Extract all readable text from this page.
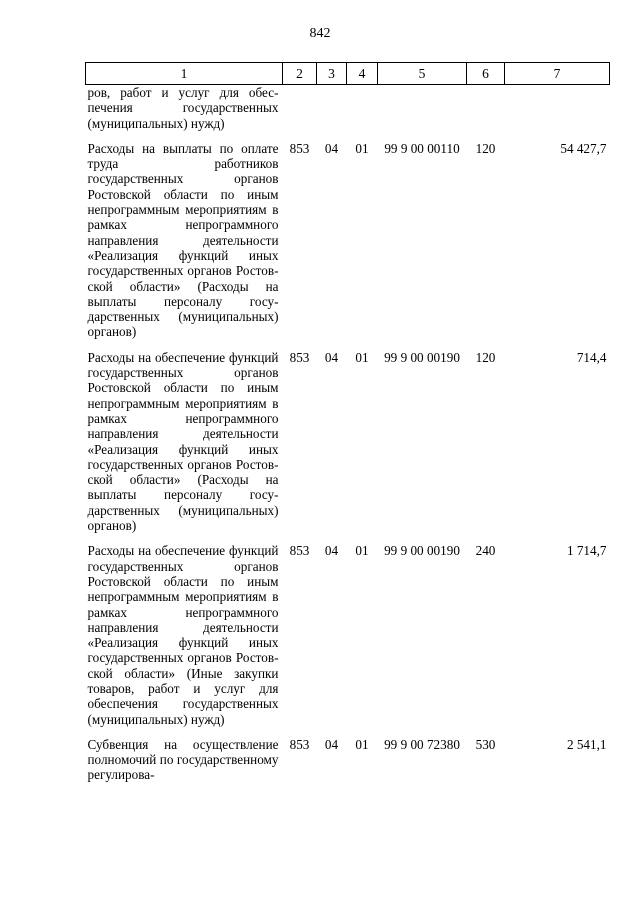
842
1	2	3	4	5	6	7
ров, работ и услуг для обеспечения государственных (муниципальных) нужд)						

Расходы на выплаты по оплате труда работников государственных органов Ростовской области по иным непрограммным мероприятиям в рамках непрограммного направления деятельности «Реализация функций иных государственных органов Ростовской области» (Расходы на выплаты персоналу государственных (муниципальных) органов)	853	04	01	99 9 00 00110	120	54 427,7

Расходы на обеспечение функций государственных органов Ростовской области по иным непрограммным мероприятиям в рамках непрограммного направления деятельности «Реализация функций иных государственных органов Ростовской области» (Расходы на выплаты персоналу государственных (муниципальных) органов)	853	04	01	99 9 00 00190	120	714,4

Расходы на обеспечение функций государственных органов Ростовской области по иным непрограммным мероприятиям в рамках непрограммного направления деятельности «Реализация функций иных государственных органов Ростовской области» (Иные закупки товаров, работ и услуг для обеспечения государственных (муниципальных) нужд)	853	04	01	99 9 00 00190	240	1 714,7

Субвенция на осуществление полномочий по государственному регулирова-	853	04	01	99 9 00 72380	530	2 541,1
